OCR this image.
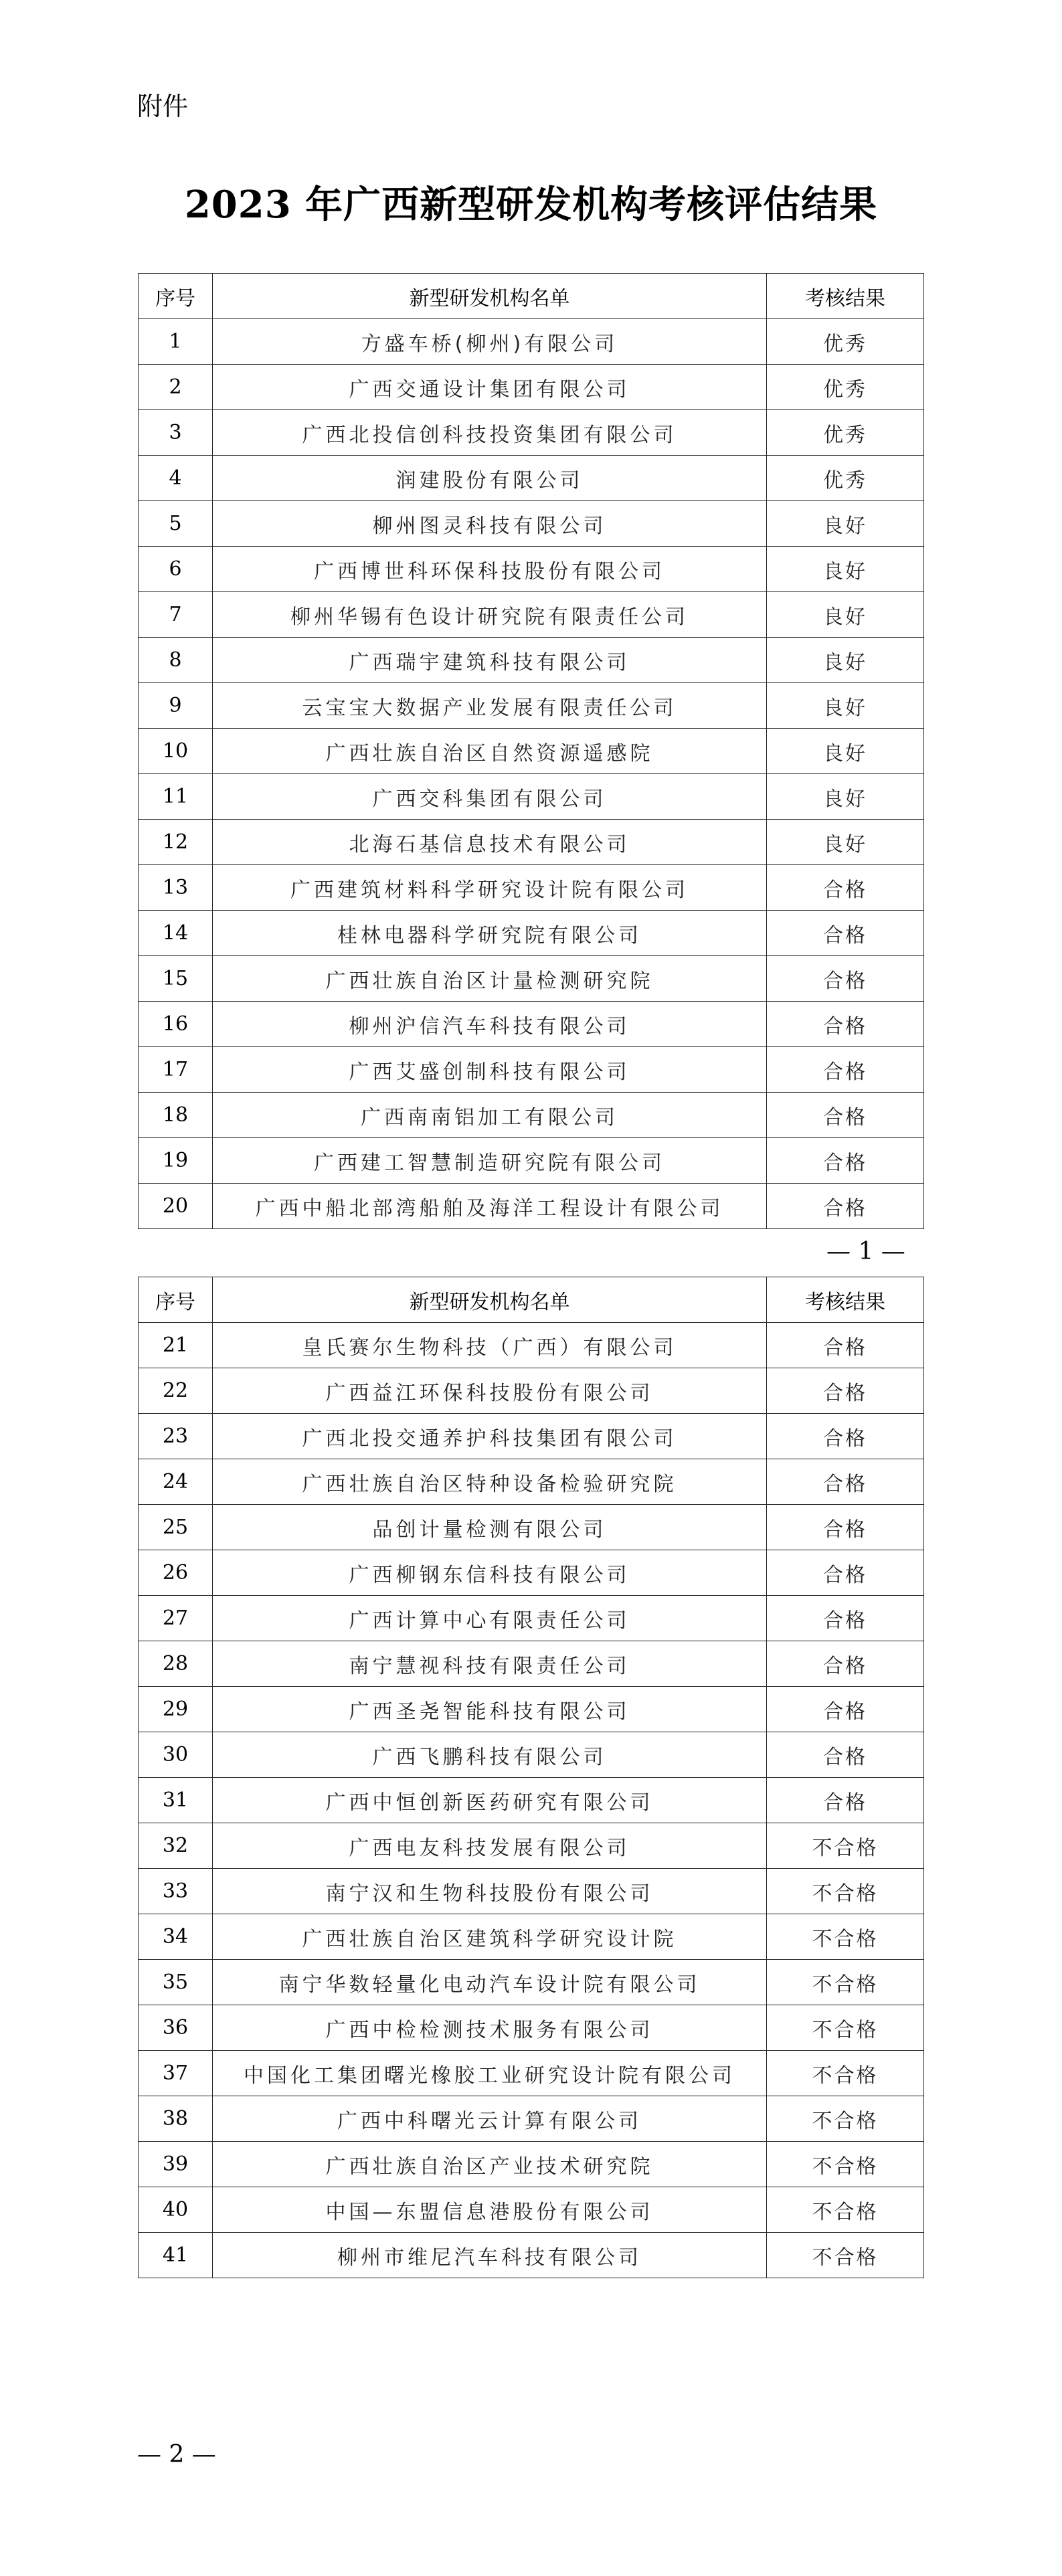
附件
2023 年广西新型研发机构考核评估结果
序号	新型研发机构名单	考核结果
1	方盛车桥(柳州)有限公司	优秀
2	广西交通设计集团有限公司	优秀
3	广西北投信创科技投资集团有限公司	优秀
4	润建股份有限公司	优秀
5	柳州图灵科技有限公司	良好
6	广西博世科环保科技股份有限公司	良好
7	柳州华锡有色设计研究院有限责任公司	良好
8	广西瑞宇建筑科技有限公司	良好
9	云宝宝大数据产业发展有限责任公司	良好
10	广西壮族自治区自然资源遥感院	良好
11	广西交科集团有限公司	良好
12	北海石基信息技术有限公司	良好
13	广西建筑材料科学研究设计院有限公司	合格
14	桂林电器科学研究院有限公司	合格
15	广西壮族自治区计量检测研究院	合格
16	柳州沪信汽车科技有限公司	合格
17	广西艾盛创制科技有限公司	合格
18	广西南南铝加工有限公司	合格
19	广西建工智慧制造研究院有限公司	合格
20	广西中船北部湾船舶及海洋工程设计有限公司	合格
— 1 —
序号	新型研发机构名单	考核结果
21	皇氏赛尔生物科技（广西）有限公司	合格
22	广西益江环保科技股份有限公司	合格
23	广西北投交通养护科技集团有限公司	合格
24	广西壮族自治区特种设备检验研究院	合格
25	品创计量检测有限公司	合格
26	广西柳钢东信科技有限公司	合格
27	广西计算中心有限责任公司	合格
28	南宁慧视科技有限责任公司	合格
29	广西圣尧智能科技有限公司	合格
30	广西飞鹏科技有限公司	合格
31	广西中恒创新医药研究有限公司	合格
32	广西电友科技发展有限公司	不合格
33	南宁汉和生物科技股份有限公司	不合格
34	广西壮族自治区建筑科学研究设计院	不合格
35	南宁华数轻量化电动汽车设计院有限公司	不合格
36	广西中检检测技术服务有限公司	不合格
37	中国化工集团曙光橡胶工业研究设计院有限公司	不合格
38	广西中科曙光云计算有限公司	不合格
39	广西壮族自治区产业技术研究院	不合格
40	中国—东盟信息港股份有限公司	不合格
41	柳州市维尼汽车科技有限公司	不合格
— 2 —
